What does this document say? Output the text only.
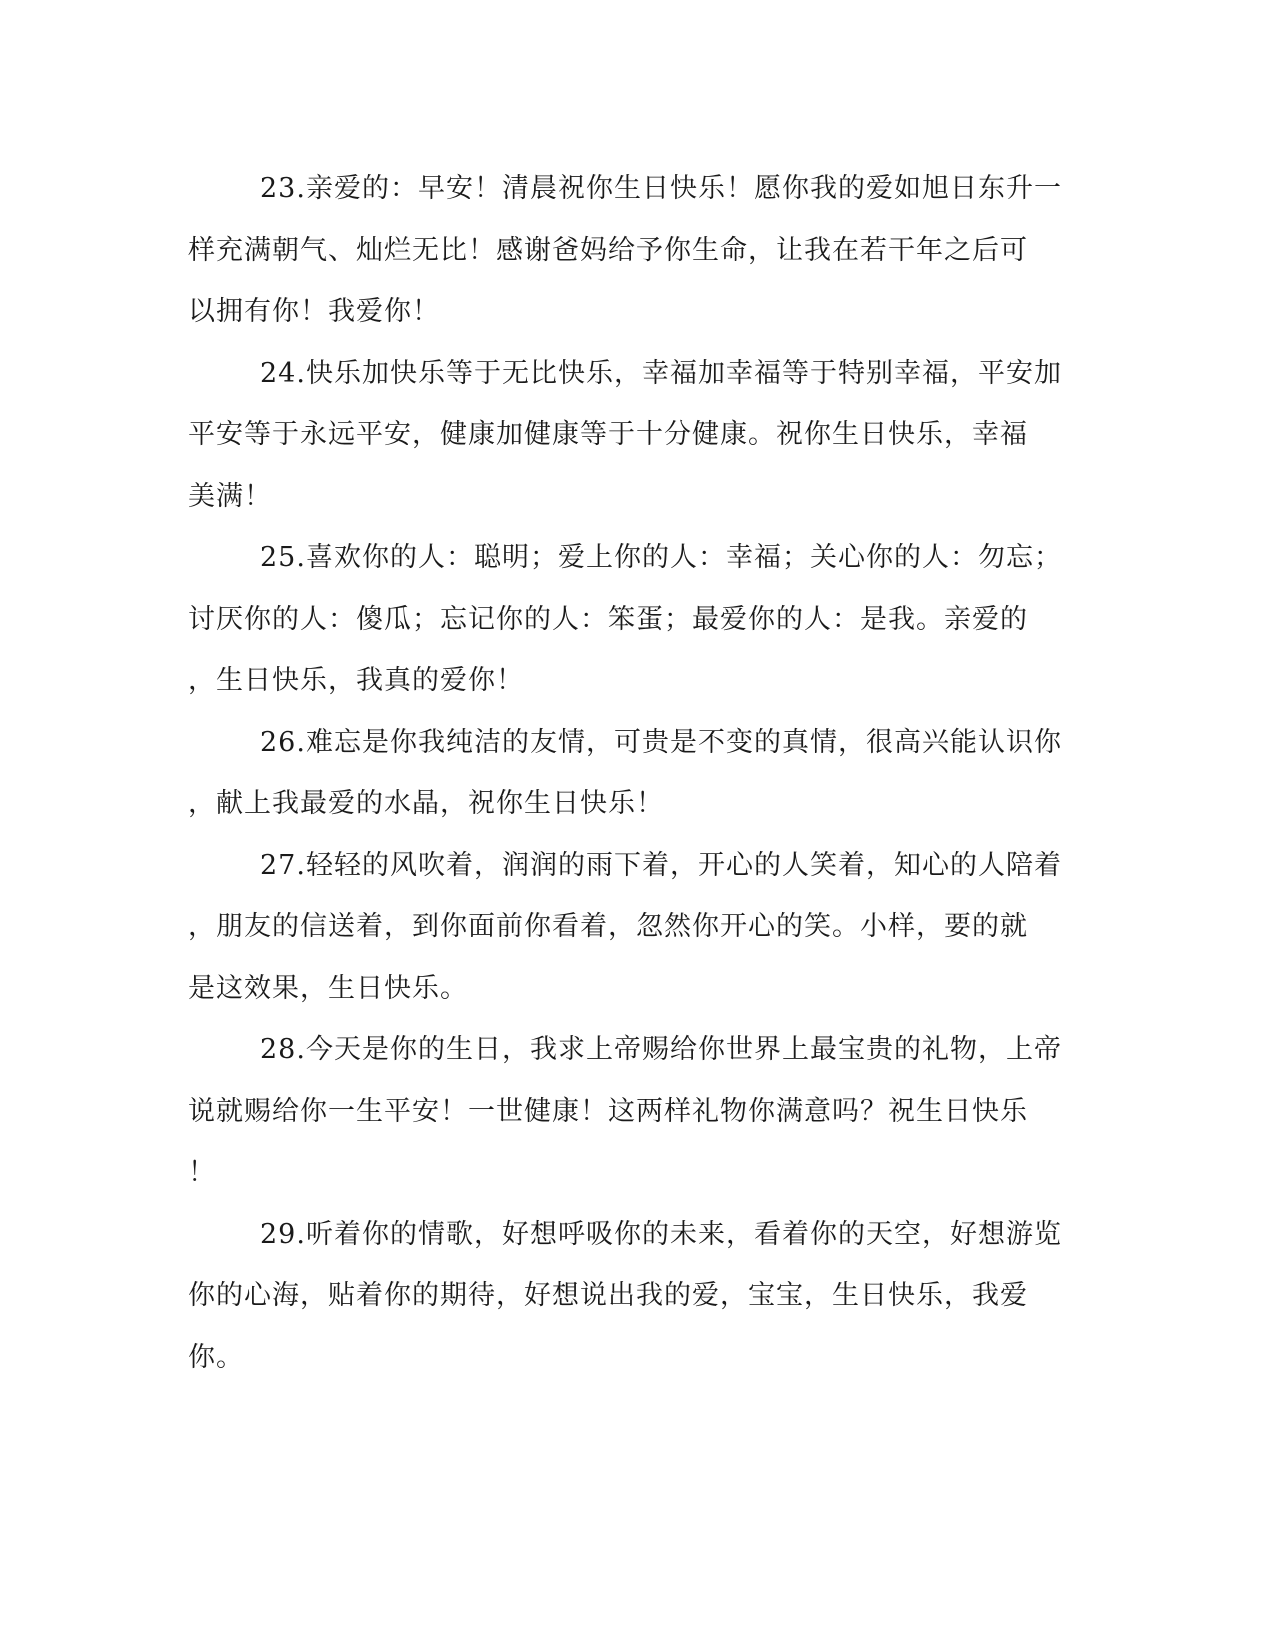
23.亲爱的：早安！清晨祝你生日快乐！愿你我的爱如旭日东升一
样充满朝气、灿烂无比！感谢爸妈给予你生命，让我在若干年之后可
以拥有你！我爱你！
24.快乐加快乐等于无比快乐，幸福加幸福等于特别幸福，平安加
平安等于永远平安，健康加健康等于十分健康。祝你生日快乐，幸福
美满！
25.喜欢你的人：聪明；爱上你的人：幸福；关心你的人：勿忘；
讨厌你的人：傻瓜；忘记你的人：笨蛋；最爱你的人：是我。亲爱的
，生日快乐，我真的爱你！
26.难忘是你我纯洁的友情，可贵是不变的真情，很高兴能认识你
，献上我最爱的水晶，祝你生日快乐！
27.轻轻的风吹着，润润的雨下着，开心的人笑着，知心的人陪着
，朋友的信送着，到你面前你看着，忽然你开心的笑。小样，要的就
是这效果，生日快乐。
28.今天是你的生日，我求上帝赐给你世界上最宝贵的礼物，上帝
说就赐给你一生平安！一世健康！这两样礼物你满意吗？祝生日快乐
！
29.听着你的情歌，好想呼吸你的未来，看着你的天空，好想游览
你的心海，贴着你的期待，好想说出我的爱，宝宝，生日快乐，我爱
你。
